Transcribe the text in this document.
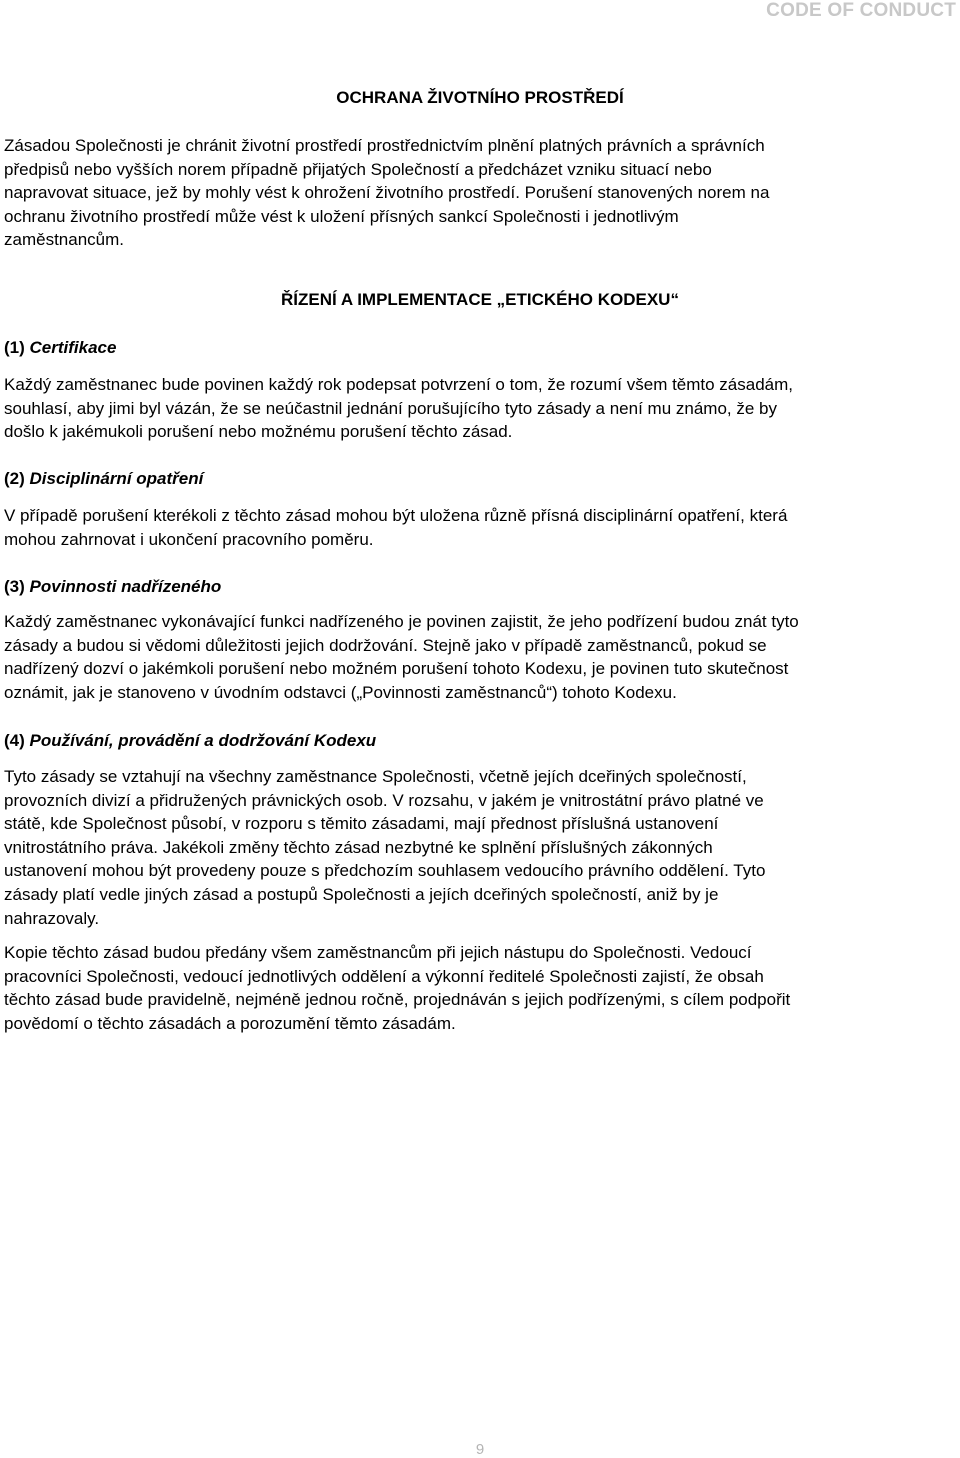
CODE OF CONDUCT
OCHRANA ŽIVOTNÍHO PROSTŘEDÍ

Zásadou Společnosti je chránit životní prostředí prostřednictvím plnění platných právních a správních
předpisů nebo vyšších norem případně přijatých Společností a předcházet vzniku situací nebo
napravovat situace, jež by mohly vést k ohrožení životního prostředí. Porušení stanovených norem na
ochranu životního prostředí může vést k uložení přísných sankcí Společnosti i jednotlivým
zaměstnancům.

ŘÍZENÍ A IMPLEMENTACE „ETICKÉHO KODEXU“
(1) Certifikace

Každý zaměstnanec bude povinen každý rok podepsat potvrzení o tom, že rozumí všem těmto zásadám,
souhlasí, aby jimi byl vázán, že se neúčastnil jednání porušujícího tyto zásady a není mu známo, že by
došlo k jakémukoli porušení nebo možnému porušení těchto zásad.

(2) Disciplinární opatření

V případě porušení kterékoli z těchto zásad mohou být uložena různě přísná disciplinární opatření, která
mohou zahrnovat i ukončení pracovního poměru.

(3) Povinnosti nadřízeného

Každý zaměstnanec vykonávající funkci nadřízeného je povinen zajistit, že jeho podřízení budou znát tyto
zásady a budou si vědomi důležitosti jejich dodržování. Stejně jako v případě zaměstnanců, pokud se
nadřízený dozví o jakémkoli porušení nebo možném porušení tohoto Kodexu, je povinen tuto skutečnost
oznámit, jak je stanoveno v úvodním odstavci („Povinnosti zaměstnanců“) tohoto Kodexu.

(4) Používání, provádění a dodržování Kodexu

Tyto zásady se vztahují na všechny zaměstnance Společnosti, včetně jejích dceřiných společností,
provozních divizí a přidružených právnických osob. V rozsahu, v jakém je vnitrostátní právo platné ve
státě, kde Společnost působí, v rozporu s těmito zásadami, mají přednost příslušná ustanovení
vnitrostátního práva. Jakékoli změny těchto zásad nezbytné ke splnění příslušných zákonných
ustanovení mohou být provedeny pouze s předchozím souhlasem vedoucího právního oddělení. Tyto
zásady platí vedle jiných zásad a postupů Společnosti a jejích dceřiných společností, aniž by je
nahrazovaly.

Kopie těchto zásad budou předány všem zaměstnancům při jejich nástupu do Společnosti. Vedoucí
pracovníci Společnosti, vedoucí jednotlivých oddělení a výkonní ředitelé Společnosti zajistí, že obsah
těchto zásad bude pravidelně, nejméně jednou ročně, projednáván s jejich podřízenými, s cílem podpořit
povědomí o těchto zásadách a porozumění těmto zásadám.

9
